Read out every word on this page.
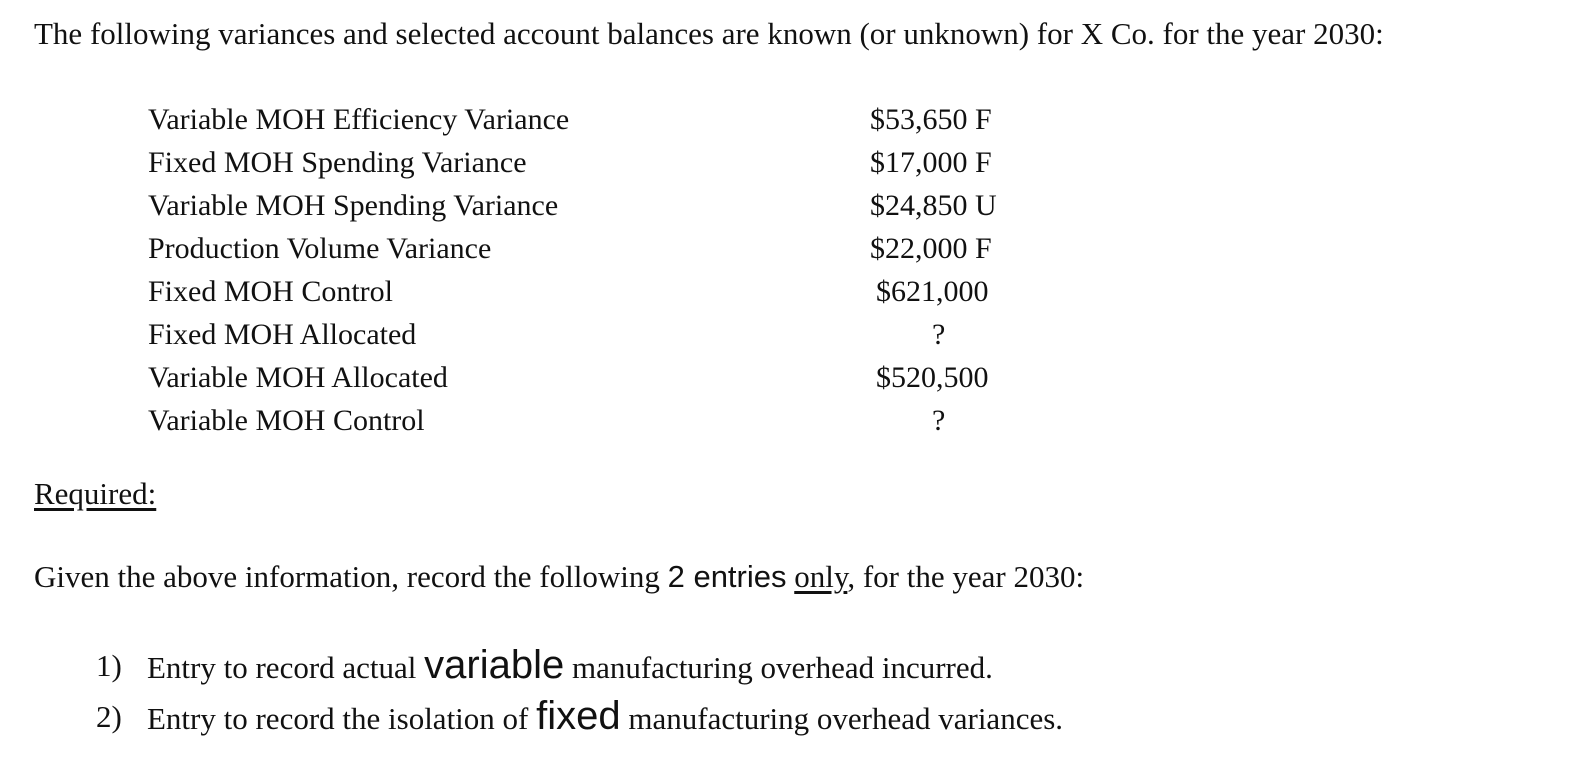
The following variances and selected account balances are known (or unknown) for X Co. for the year 2030:
Variable MOH Efficiency Variance	$53,650 F
Fixed MOH Spending Variance	$17,000 F
Variable MOH Spending Variance	$24,850 U
Production Volume Variance	$22,000 F
Fixed MOH Control	$621,000
Fixed MOH Allocated	?
Variable MOH Allocated	$520,500
Variable MOH Control	?
Required:
Given the above information, record the following 2 entries only, for the year 2030:
1) Entry to record actual variable manufacturing overhead incurred.
2) Entry to record the isolation of fixed manufacturing overhead variances.
